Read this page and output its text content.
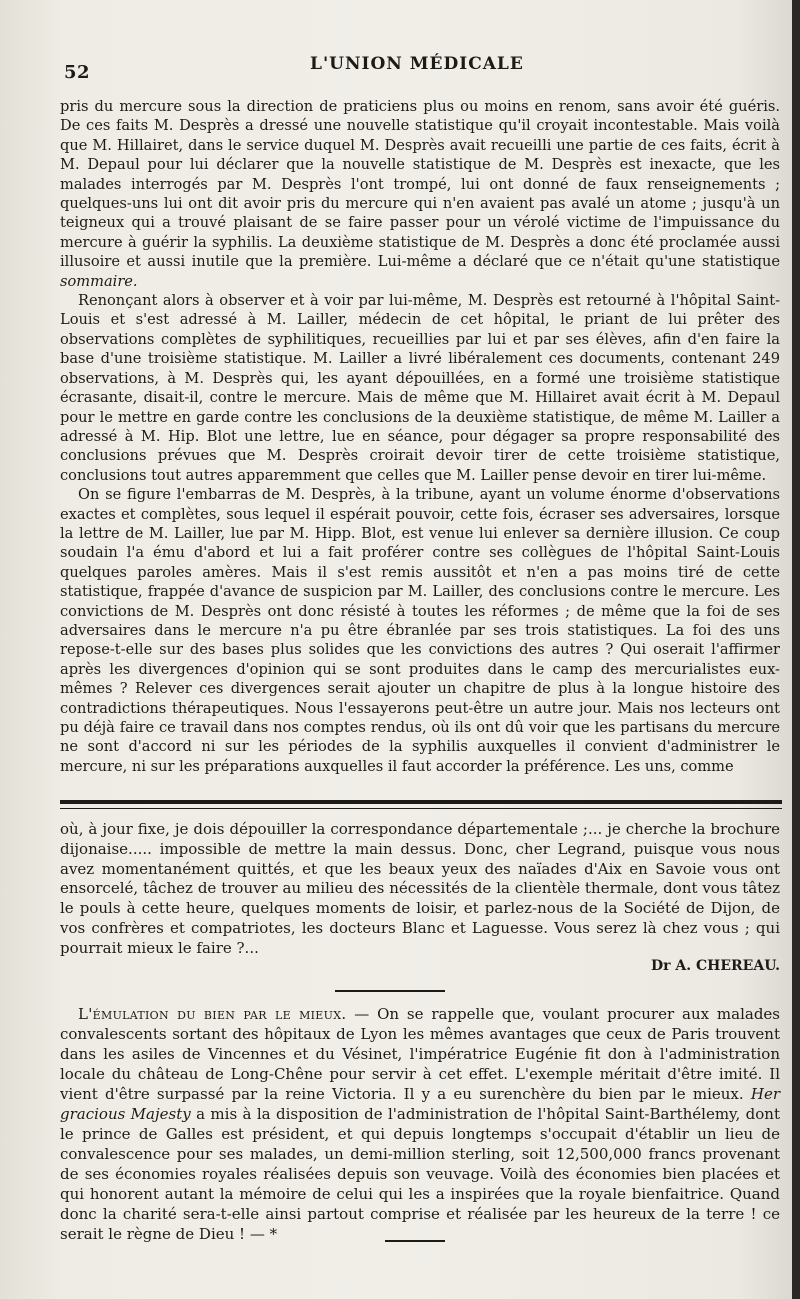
52	L'UNION MÉDICALE

pris du mercure sous la direction de praticiens plus ou moins en renom, sans avoir été guéris. De ces faits M. Desprès a dressé une nouvelle statistique qu'il croyait incontestable. Mais voilà que M. Hillairet, dans le service duquel M. Desprès avait recueilli une partie de ces faits, écrit à M. Depaul pour lui déclarer que la nouvelle statistique de M. Desprès est inexacte, que les malades interrogés par M. Desprès l'ont trompé, lui ont donné de faux renseignements ; quelques-uns lui ont dit avoir pris du mercure qui n'en avaient pas avalé un atome ; jusqu'à un teigneux qui a trouvé plaisant de se faire passer pour un vérolé victime de l'impuissance du mercure à guérir la syphilis. La deuxième statistique de M. Desprès a donc été proclamée aussi illusoire et aussi inutile que la première. Lui-même a déclaré que ce n'était qu'une statistique sommaire.

Renonçant alors à observer et à voir par lui-même, M. Desprès est retourné à l'hôpital Saint-Louis et s'est adressé à M. Lailler, médecin de cet hôpital, le priant de lui prêter des observations complètes de syphilitiques, recueillies par lui et par ses élèves, afin d'en faire la base d'une troisième statistique. M. Lailler a livré libéralement ces documents, contenant 249 observations, à M. Desprès qui, les ayant dépouillées, en a formé une troisième statistique écrasante, disait-il, contre le mercure. Mais de même que M. Hillairet avait écrit à M. Depaul pour le mettre en garde contre les conclusions de la deuxième statistique, de même M. Lailler a adressé à M. Hip. Blot une lettre, lue en séance, pour dégager sa propre responsabilité des conclusions prévues que M. Desprès croirait devoir tirer de cette troisième statistique, conclusions tout autres apparemment que celles que M. Lailler pense devoir en tirer lui-même.

On se figure l'embarras de M. Desprès, à la tribune, ayant un volume énorme d'observations exactes et complètes, sous lequel il espérait pouvoir, cette fois, écraser ses adversaires, lorsque la lettre de M. Lailler, lue par M. Hipp. Blot, est venue lui enlever sa dernière illusion. Ce coup soudain l'a ému d'abord et lui a fait proférer contre ses collègues de l'hôpital Saint-Louis quelques paroles amères. Mais il s'est remis aussitôt et n'en a pas moins tiré de cette statistique, frappée d'avance de suspicion par M. Lailler, des conclusions contre le mercure. Les convictions de M. Desprès ont donc résisté à toutes les réformes ; de même que la foi de ses adversaires dans le mercure n'a pu être ébranlée par ses trois statistiques. La foi des uns repose-t-elle sur des bases plus solides que les convictions des autres ? Qui oserait l'affirmer après les divergences d'opinion qui se sont produites dans le camp des mercurialistes eux-mêmes ? Relever ces divergences serait ajouter un chapitre de plus à la longue histoire des contradictions thérapeutiques. Nous l'essayerons peut-être un autre jour. Mais nos lecteurs ont pu déjà faire ce travail dans nos comptes rendus, où ils ont dû voir que les partisans du mercure ne sont d'accord ni sur les périodes de la syphilis auxquelles il convient d'administrer le mercure, ni sur les préparations auxquelles il faut accorder la préférence. Les uns, comme

où, à jour fixe, je dois dépouiller la correspondance départementale ;... je cherche la brochure dijonaise..... impossible de mettre la main dessus. Donc, cher Legrand, puisque vous nous avez momentanément quittés, et que les beaux yeux des naïades d'Aix en Savoie vous ont ensorcelé, tâchez de trouver au milieu des nécessités de la clientèle thermale, dont vous tâtez le pouls à cette heure, quelques moments de loisir, et parlez-nous de la Société de Dijon, de vos confrères et compatriotes, les docteurs Blanc et Laguesse. Vous serez là chez vous ; qui pourrait mieux le faire ?...

Dr A. CHEREAU.

L'émulation du bien par le mieux. — On se rappelle que, voulant procurer aux malades convalescents sortant des hôpitaux de Lyon les mêmes avantages que ceux de Paris trouvent dans les asiles de Vincennes et du Vésinet, l'impératrice Eugénie fit don à l'administration locale du château de Long-Chêne pour servir à cet effet. L'exemple méritait d'être imité. Il vient d'être surpassé par la reine Victoria. Il y a eu surenchère du bien par le mieux. Her gracious Majesty a mis à la disposition de l'administration de l'hôpital Saint-Barthélemy, dont le prince de Galles est président, et qui depuis longtemps s'occupait d'établir un lieu de convalescence pour ses malades, un demi-million sterling, soit 12,500,000 francs provenant de ses économies royales réalisées depuis son veuvage. Voilà des économies bien placées et qui honorent autant la mémoire de celui qui les a inspirées que la royale bienfaitrice. Quand donc la charité sera-t-elle ainsi partout comprise et réalisée par les heureux de la terre ! ce serait le règne de Dieu ! — *
